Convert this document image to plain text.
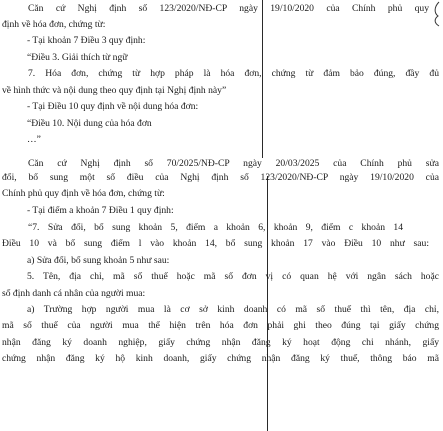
Căn cứ Nghị định số 123/2020/NĐ-CP ngày 19/10/2020 của Chính phủ quy
định về hóa đơn, chứng từ:
- Tại khoản 7 Điều 3 quy định:
“Điều 3. Giải thích từ ngữ
7. Hóa đơn, chứng từ hợp pháp là hóa đơn, chứng từ đảm bảo đúng, đầy đủ
về hình thức và nội dung theo quy định tại Nghị định này”
- Tại Điều 10 quy định về nội dung hóa đơn:
“Điều 10. Nội dung của hóa đơn
…”
Căn cứ Nghị định số 70/2025/NĐ-CP ngày 20/03/2025 của Chính phủ sửa
đổi, bổ sung một số điều của Nghị định số 123/2020/NĐ-CP ngày 19/10/2020 của
Chính phủ quy định về hóa đơn, chứng từ:
- Tại điểm a khoản 7 Điều 1 quy định:
“7. Sửa đổi, bổ sung khoản 5, điểm a khoản 6, khoản 9, điểm c khoản 14
Điều 10 và bổ sung điểm l vào khoản 14, bổ sung khoản 17 vào Điều 10 như sau:
a) Sửa đổi, bổ sung khoản 5 như sau:
5. Tên, địa chỉ, mã số thuế hoặc mã số đơn vị có quan hệ với ngân sách hoặc
số định danh cá nhân của người mua:
a) Trường hợp người mua là cơ sở kinh doanh có mã số thuế thì tên, địa chỉ,
mã số thuế của người mua thể hiện trên hóa đơn phải ghi theo đúng tại giấy chứng
nhận đăng ký doanh nghiệp, giấy chứng nhận đăng ký hoạt động chi nhánh, giấy
chứng nhận đăng ký hộ kinh doanh, giấy chứng nhận đăng ký thuế, thông báo mã
